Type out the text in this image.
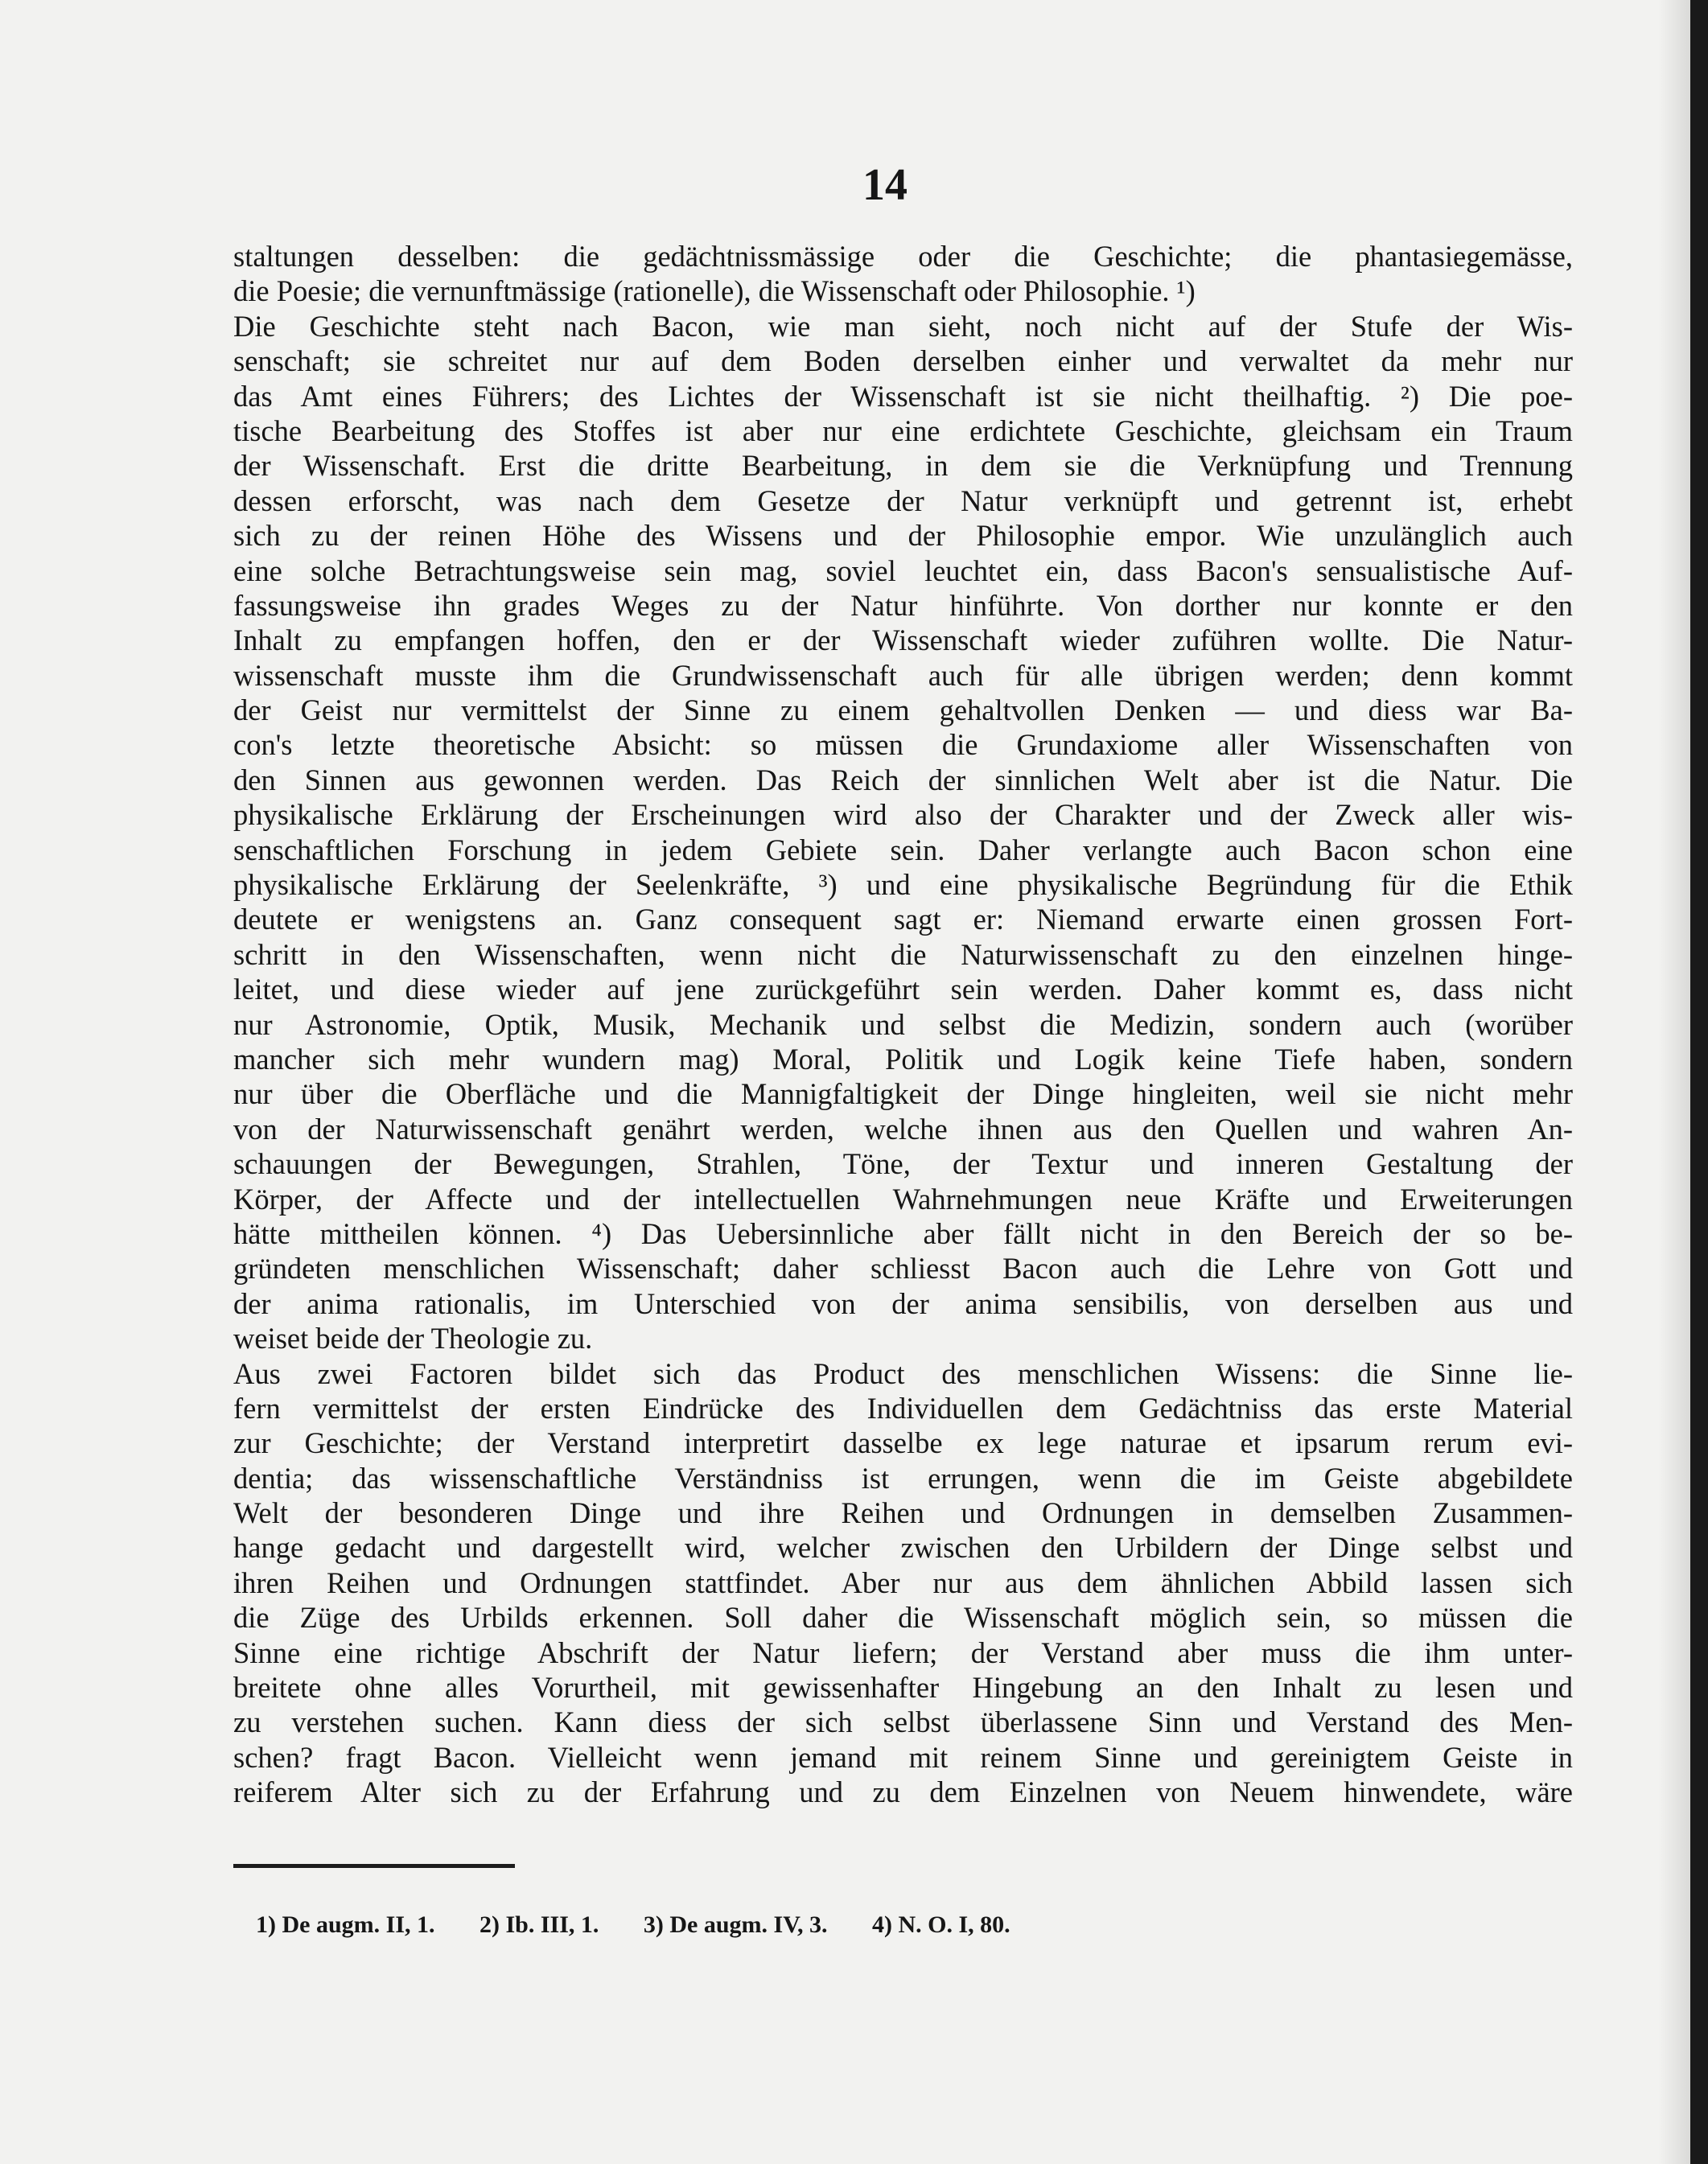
14
staltungen desselben: die gedächtnissmässige oder die Geschichte; die phantasiegemässe,
die Poesie; die vernunftmässige (rationelle), die Wissenschaft oder Philosophie. ¹)
Die Geschichte steht nach Bacon, wie man sieht, noch nicht auf der Stufe der Wis-
senschaft; sie schreitet nur auf dem Boden derselben einher und verwaltet da mehr nur
das Amt eines Führers; des Lichtes der Wissenschaft ist sie nicht theilhaftig. ²) Die poe-
tische Bearbeitung des Stoffes ist aber nur eine erdichtete Geschichte, gleichsam ein Traum
der Wissenschaft. Erst die dritte Bearbeitung, in dem sie die Verknüpfung und Trennung
dessen erforscht, was nach dem Gesetze der Natur verknüpft und getrennt ist, erhebt
sich zu der reinen Höhe des Wissens und der Philosophie empor. Wie unzulänglich auch
eine solche Betrachtungsweise sein mag, soviel leuchtet ein, dass Bacon's sensualistische Auf-
fassungsweise ihn grades Weges zu der Natur hinführte. Von dorther nur konnte er den
Inhalt zu empfangen hoffen, den er der Wissenschaft wieder zuführen wollte. Die Natur-
wissenschaft musste ihm die Grundwissenschaft auch für alle übrigen werden; denn kommt
der Geist nur vermittelst der Sinne zu einem gehaltvollen Denken — und diess war Ba-
con's letzte theoretische Absicht: so müssen die Grundaxiome aller Wissenschaften von
den Sinnen aus gewonnen werden. Das Reich der sinnlichen Welt aber ist die Natur. Die
physikalische Erklärung der Erscheinungen wird also der Charakter und der Zweck aller wis-
senschaftlichen Forschung in jedem Gebiete sein. Daher verlangte auch Bacon schon eine
physikalische Erklärung der Seelenkräfte, ³) und eine physikalische Begründung für die Ethik
deutete er wenigstens an. Ganz consequent sagt er: Niemand erwarte einen grossen Fort-
schritt in den Wissenschaften, wenn nicht die Naturwissenschaft zu den einzelnen hinge-
leitet, und diese wieder auf jene zurückgeführt sein werden. Daher kommt es, dass nicht
nur Astronomie, Optik, Musik, Mechanik und selbst die Medizin, sondern auch (worüber
mancher sich mehr wundern mag) Moral, Politik und Logik keine Tiefe haben, sondern
nur über die Oberfläche und die Mannigfaltigkeit der Dinge hingleiten, weil sie nicht mehr
von der Naturwissenschaft genährt werden, welche ihnen aus den Quellen und wahren An-
schauungen der Bewegungen, Strahlen, Töne, der Textur und inneren Gestaltung der
Körper, der Affecte und der intellectuellen Wahrnehmungen neue Kräfte und Erweiterungen
hätte mittheilen können. ⁴) Das Uebersinnliche aber fällt nicht in den Bereich der so be-
gründeten menschlichen Wissenschaft; daher schliesst Bacon auch die Lehre von Gott und
der anima rationalis, im Unterschied von der anima sensibilis, von derselben aus und
weiset beide der Theologie zu.
Aus zwei Factoren bildet sich das Product des menschlichen Wissens: die Sinne lie-
fern vermittelst der ersten Eindrücke des Individuellen dem Gedächtniss das erste Material
zur Geschichte; der Verstand interpretirt dasselbe ex lege naturae et ipsarum rerum evi-
dentia; das wissenschaftliche Verständniss ist errungen, wenn die im Geiste abgebildete
Welt der besonderen Dinge und ihre Reihen und Ordnungen in demselben Zusammen-
hange gedacht und dargestellt wird, welcher zwischen den Urbildern der Dinge selbst und
ihren Reihen und Ordnungen stattfindet. Aber nur aus dem ähnlichen Abbild lassen sich
die Züge des Urbilds erkennen. Soll daher die Wissenschaft möglich sein, so müssen die
Sinne eine richtige Abschrift der Natur liefern; der Verstand aber muss die ihm unter-
breitete ohne alles Vorurtheil, mit gewissenhafter Hingebung an den Inhalt zu lesen und
zu verstehen suchen. Kann diess der sich selbst überlassene Sinn und Verstand des Men-
schen? fragt Bacon. Vielleicht wenn jemand mit reinem Sinne und gereinigtem Geiste in
reiferem Alter sich zu der Erfahrung und zu dem Einzelnen von Neuem hinwendete, wäre
1) De augm. II, 1. 2) Ib. III, 1. 3) De augm. IV, 3. 4) N. O. I, 80.
